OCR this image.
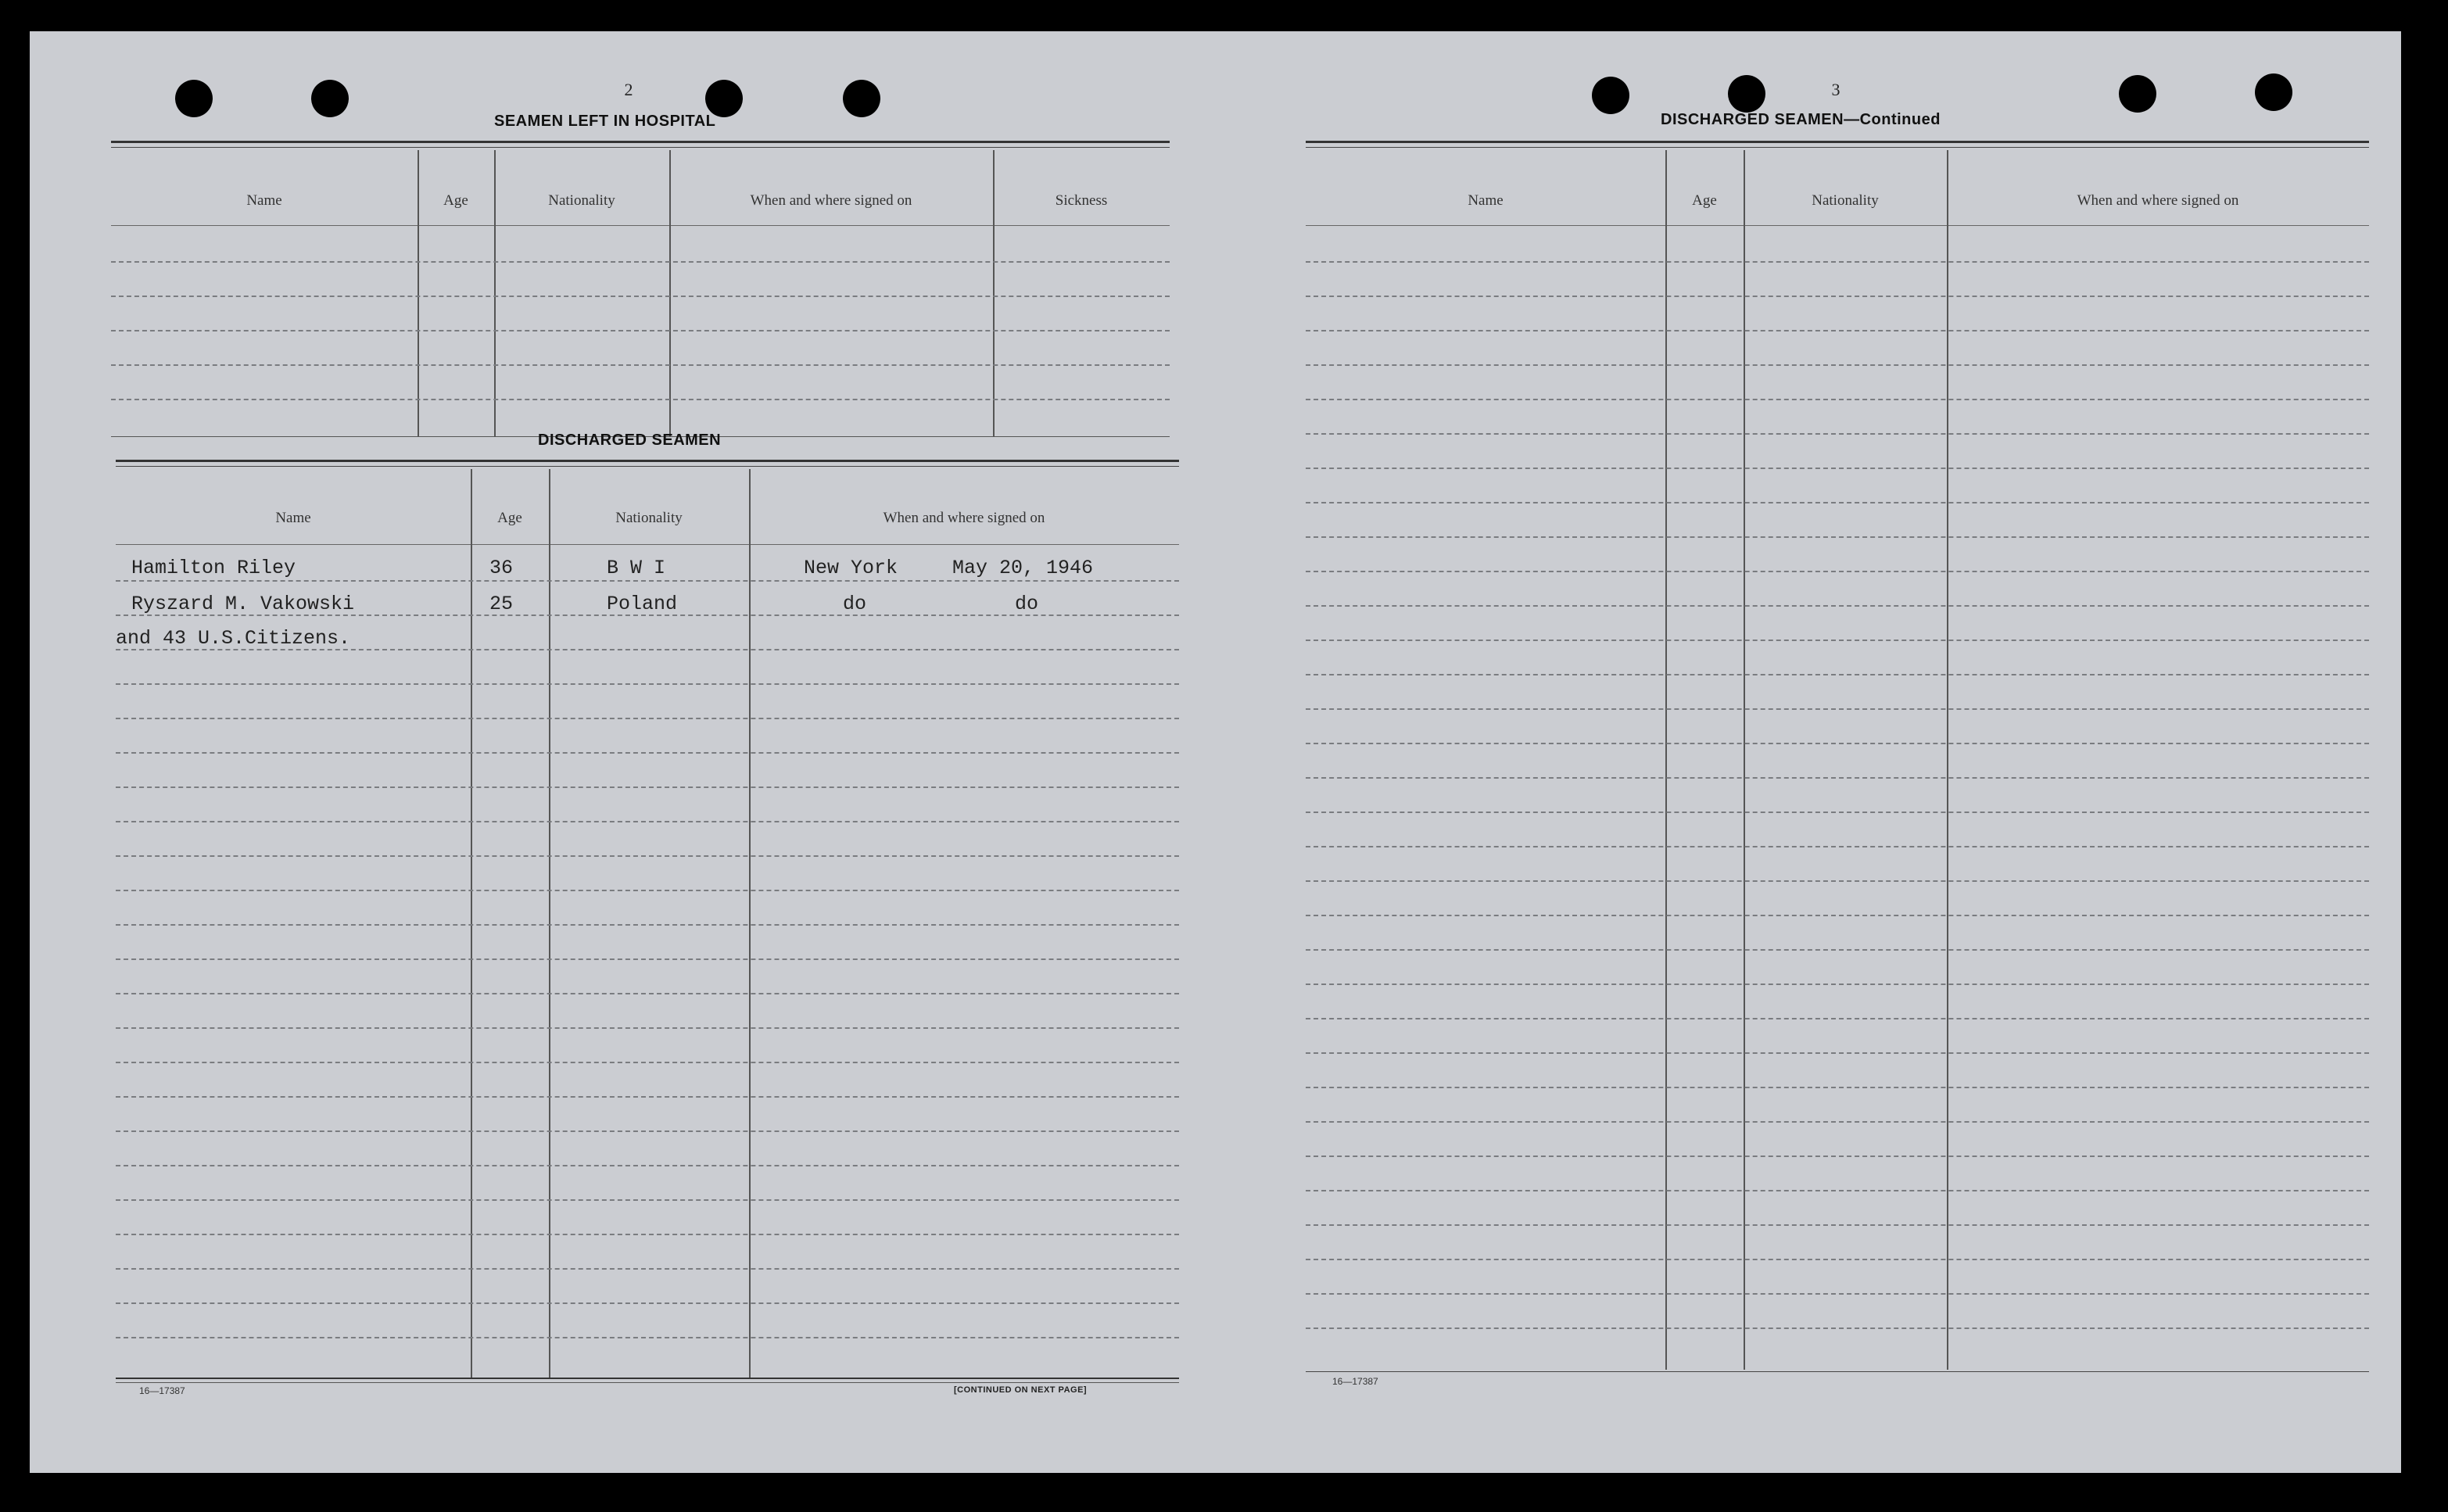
2
SEAMEN LEFT IN HOSPITAL
Name	Age	Nationality	When and where signed on	Sickness
DISCHARGED SEAMEN
Name	Age	Nationality	When and where signed on
Hamilton Riley	36	B W I	New York	May 20, 1946
Ryszard M. Vakowski	25	Poland	do	do
and 43 U.S.Citizens.
16—17387	[CONTINUED ON NEXT PAGE]
3
DISCHARGED SEAMEN—Continued
Name	Age	Nationality	When and where signed on
16—17387
